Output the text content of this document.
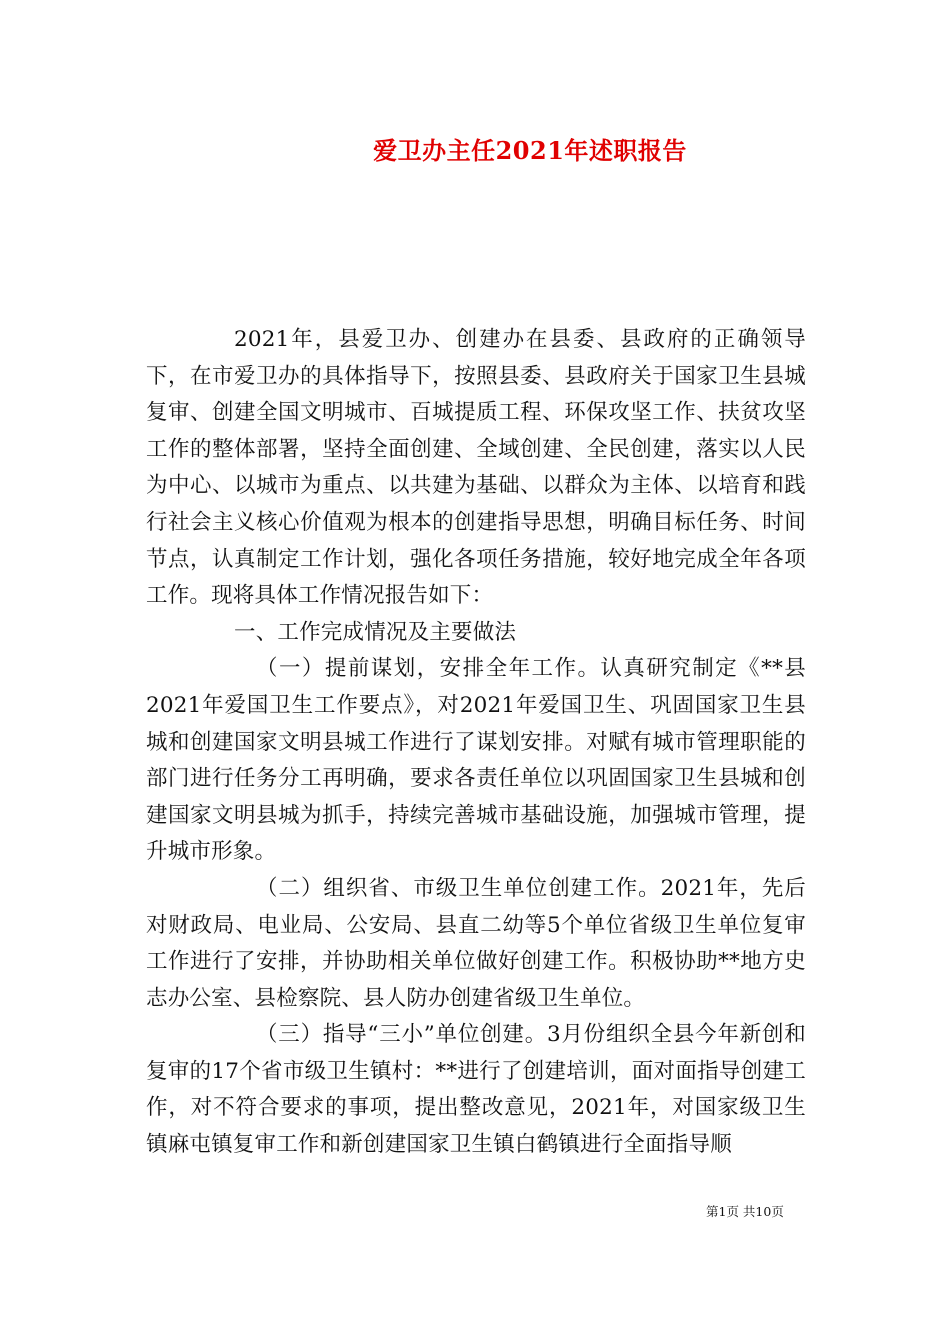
爱卫办主任2021年述职报告

2021年，县爱卫办、创建办在县委、县政府的正确领导下，在市爱卫办的具体指导下，按照县委、县政府关于国家卫生县城复审、创建全国文明城市、百城提质工程、环保攻坚工作、扶贫攻坚工作的整体部署，坚持全面创建、全域创建、全民创建，落实以人民为中心、以城市为重点、以共建为基础、以群众为主体、以培育和践行社会主义核心价值观为根本的创建指导思想，明确目标任务、时间节点，认真制定工作计划，强化各项任务措施，较好地完成全年各项工作。现将具体工作情况报告如下：

一、工作完成情况及主要做法

（一）提前谋划，安排全年工作。认真研究制定《**县2021年爱国卫生工作要点》，对2021年爱国卫生、巩固国家卫生县城和创建国家文明县城工作进行了谋划安排。对赋有城市管理职能的部门进行任务分工再明确，要求各责任单位以巩固国家卫生县城和创建国家文明县城为抓手，持续完善城市基础设施，加强城市管理，提升城市形象。

（二）组织省、市级卫生单位创建工作。2021年，先后对财政局、电业局、公安局、县直二幼等5个单位省级卫生单位复审工作进行了安排，并协助相关单位做好创建工作。积极协助**地方史志办公室、县检察院、县人防办创建省级卫生单位。

（三）指导“三小”单位创建。3月份组织全县今年新创和复审的17个省市级卫生镇村：**进行了创建培训，面对面指导创建工作，对不符合要求的事项，提出整改意见，2021年，对国家级卫生镇麻屯镇复审工作和新创建国家卫生镇白鹤镇进行全面指导顺

第1页 共10页
